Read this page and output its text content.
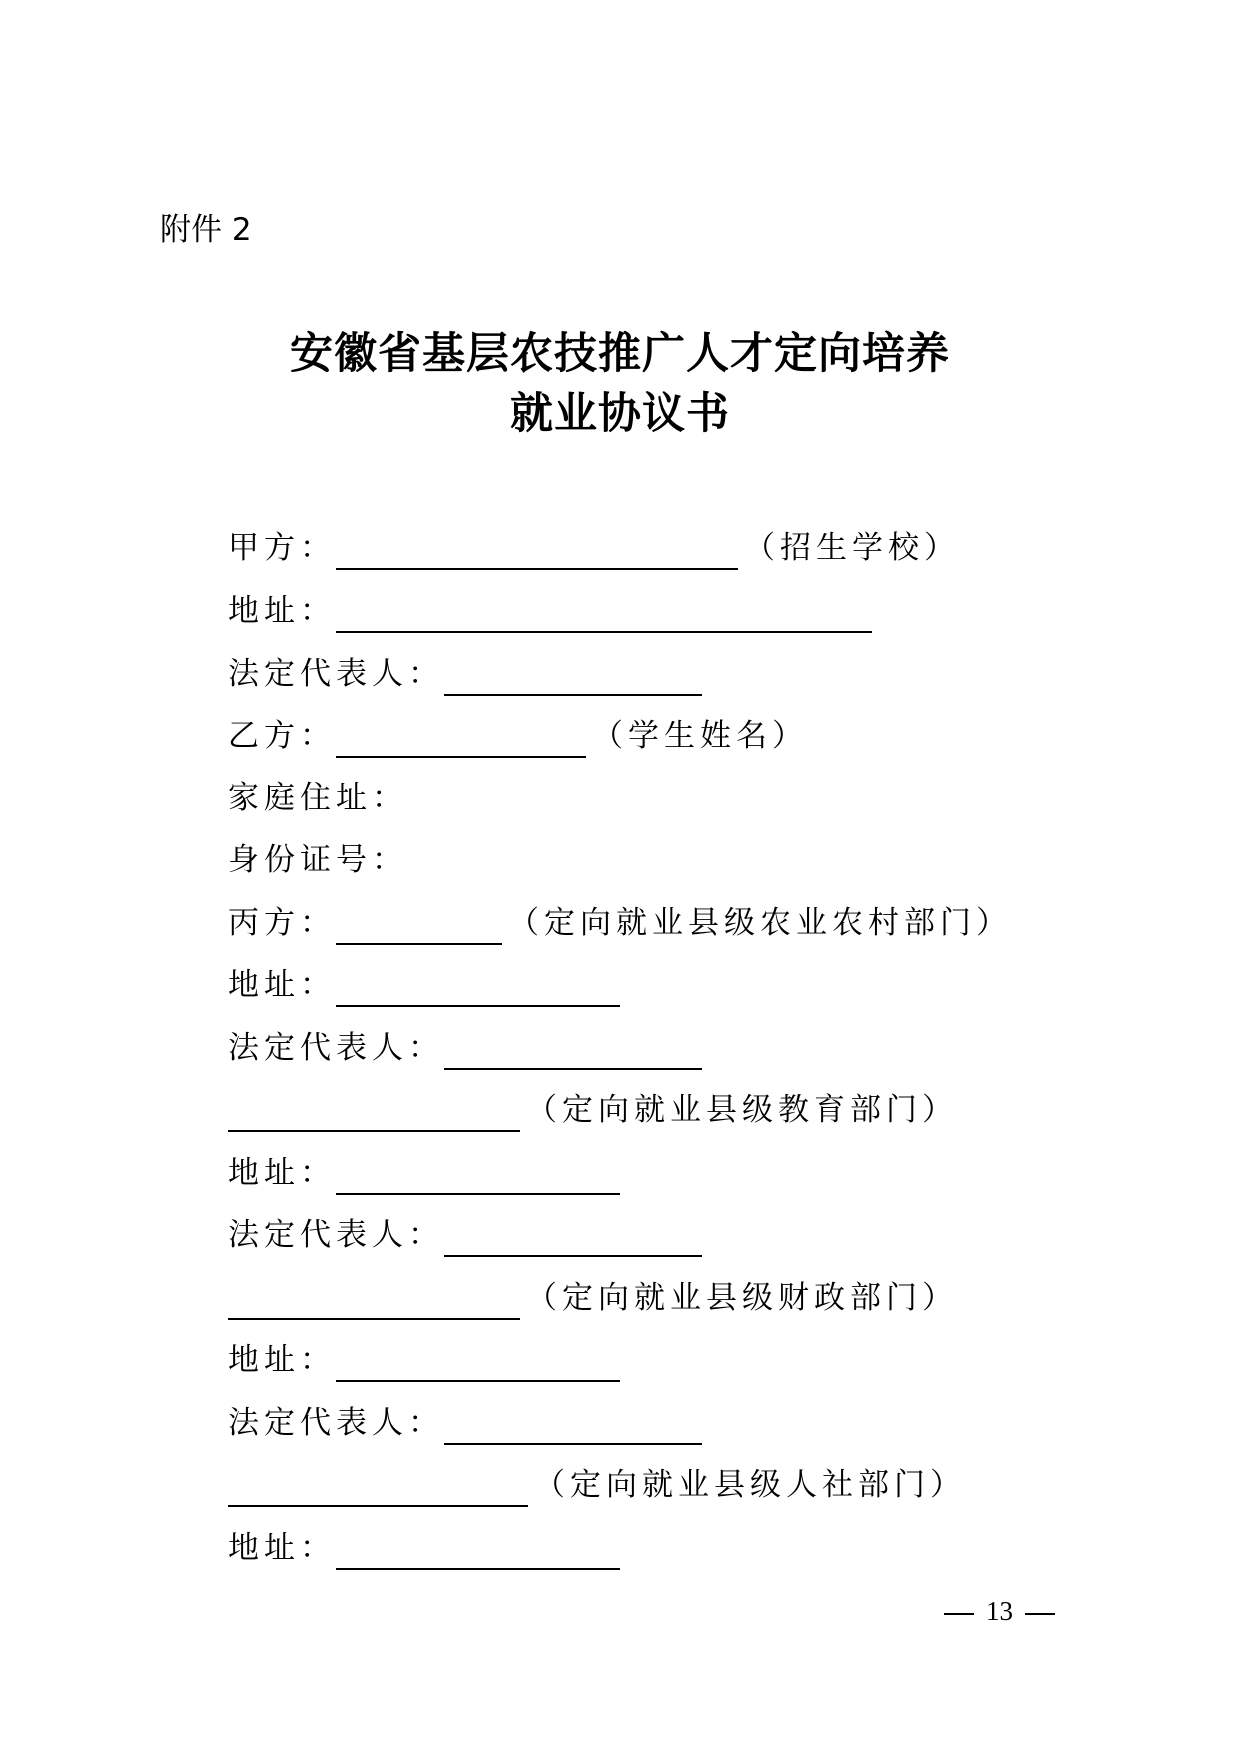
附件 2
安徽省基层农技推广人才定向培养
就业协议书
甲方：	（招生学校）
地址：
法定代表人：
乙方：	（学生姓名）
家庭住址：
身份证号：
丙方：	（定向就业县级农业农村部门）
地址：
法定代表人：
（定向就业县级教育部门）
地址：
法定代表人：
（定向就业县级财政部门）
地址：
法定代表人：
（定向就业县级人社部门）
地址：
13
